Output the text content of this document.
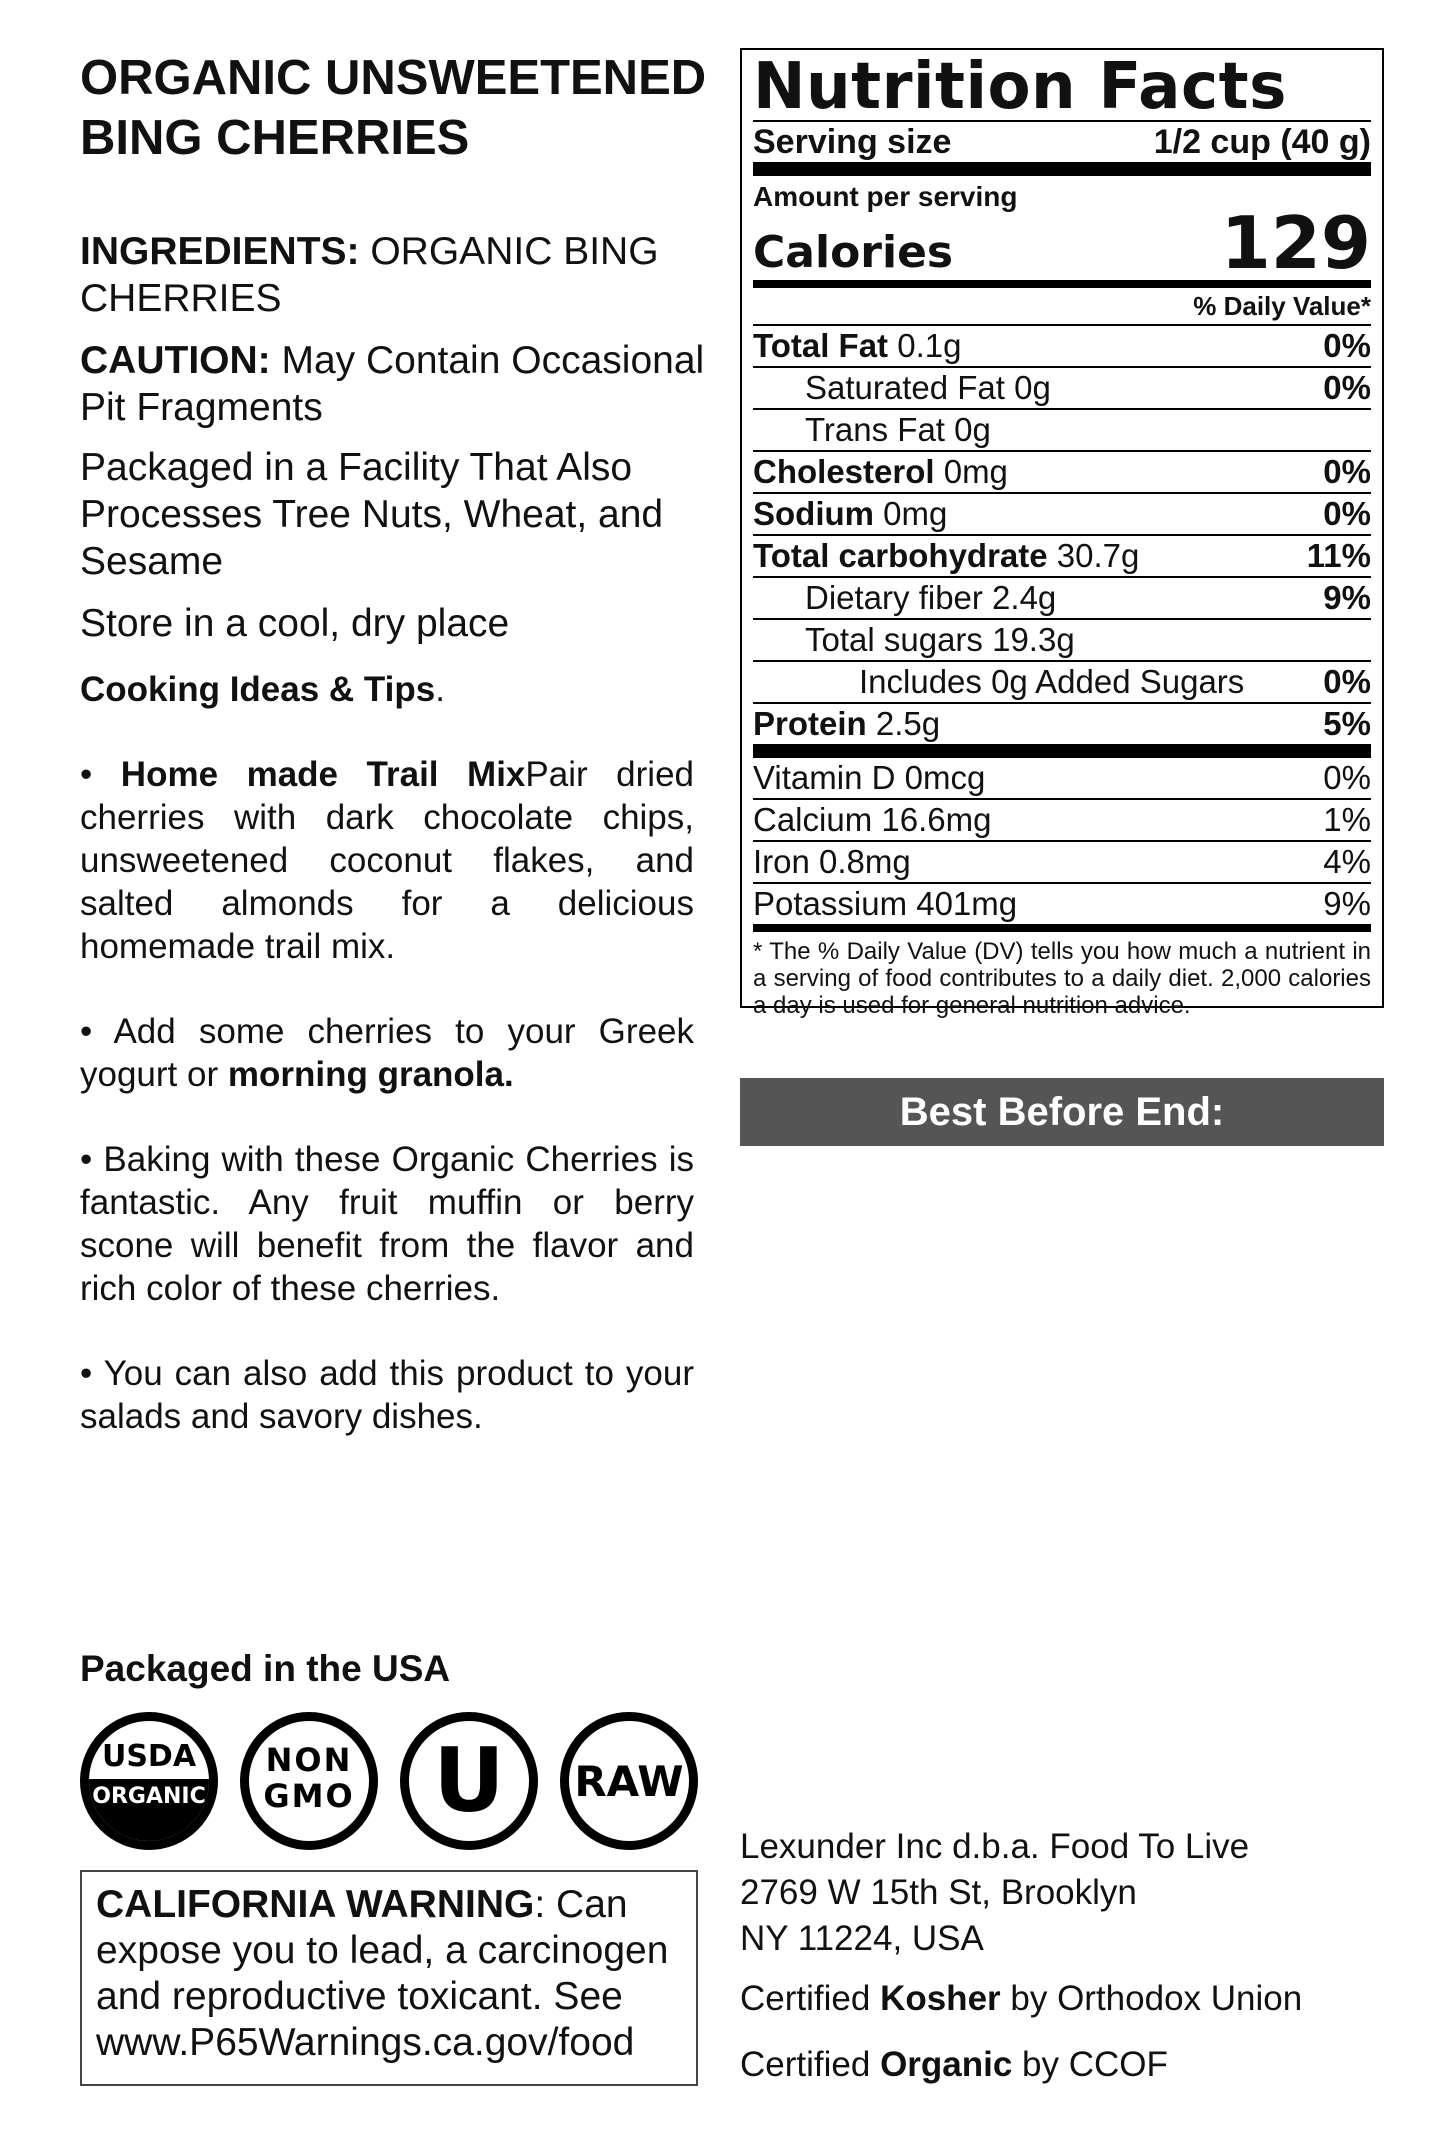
ORGANIC UNSWEETENED BING CHERRIES
INGREDIENTS: ORGANIC BING CHERRIES
CAUTION: May Contain Occasional Pit Fragments
Packaged in a Facility That Also Processes Tree Nuts, Wheat, and Sesame
Store in a cool, dry place
Cooking Ideas & Tips.
• Home made Trail MixPair dried cherries with dark chocolate chips, unsweetened coconut flakes, and salted almonds for a delicious homemade trail mix.
• Add some cherries to your Greek yogurt or morning granola.
• Baking with these Organic Cherries is fantastic. Any fruit muffin or berry scone will benefit from the flavor and rich color of these cherries.
• You can also add this product to your salads and savory dishes.
Nutrition Facts
Serving size	1/2 cup (40 g)
Amount per serving
Calories	129
% Daily Value*
Total Fat 0.1g	0%
Saturated Fat 0g	0%
Trans Fat 0g
Cholesterol 0mg	0%
Sodium 0mg	0%
Total carbohydrate 30.7g	11%
Dietary fiber 2.4g	9%
Total sugars 19.3g
Includes 0g Added Sugars 0%
Protein 2.5g	5%
Vitamin D 0mcg	0%
Calcium 16.6mg	1%
Iron 0.8mg	4%
Potassium 401mg	9%
* The % Daily Value (DV) tells you how much a nutrient in a serving of food contributes to a daily diet. 2,000 calories a day is used for general nutrition advice.
Best Before End:
Packaged in the USA
USDA
ORGANIC
NON
GMO U	RAW
CALIFORNIA WARNING: Can expose you to lead, a carcinogen and reproductive toxicant. See www.P65Warnings.ca.gov/food
Lexunder Inc d.b.a. Food To Live
2769 W 15th St, Brooklyn
NY 11224, USA
Certified Kosher by Orthodox Union
Certified Organic by CCOF
